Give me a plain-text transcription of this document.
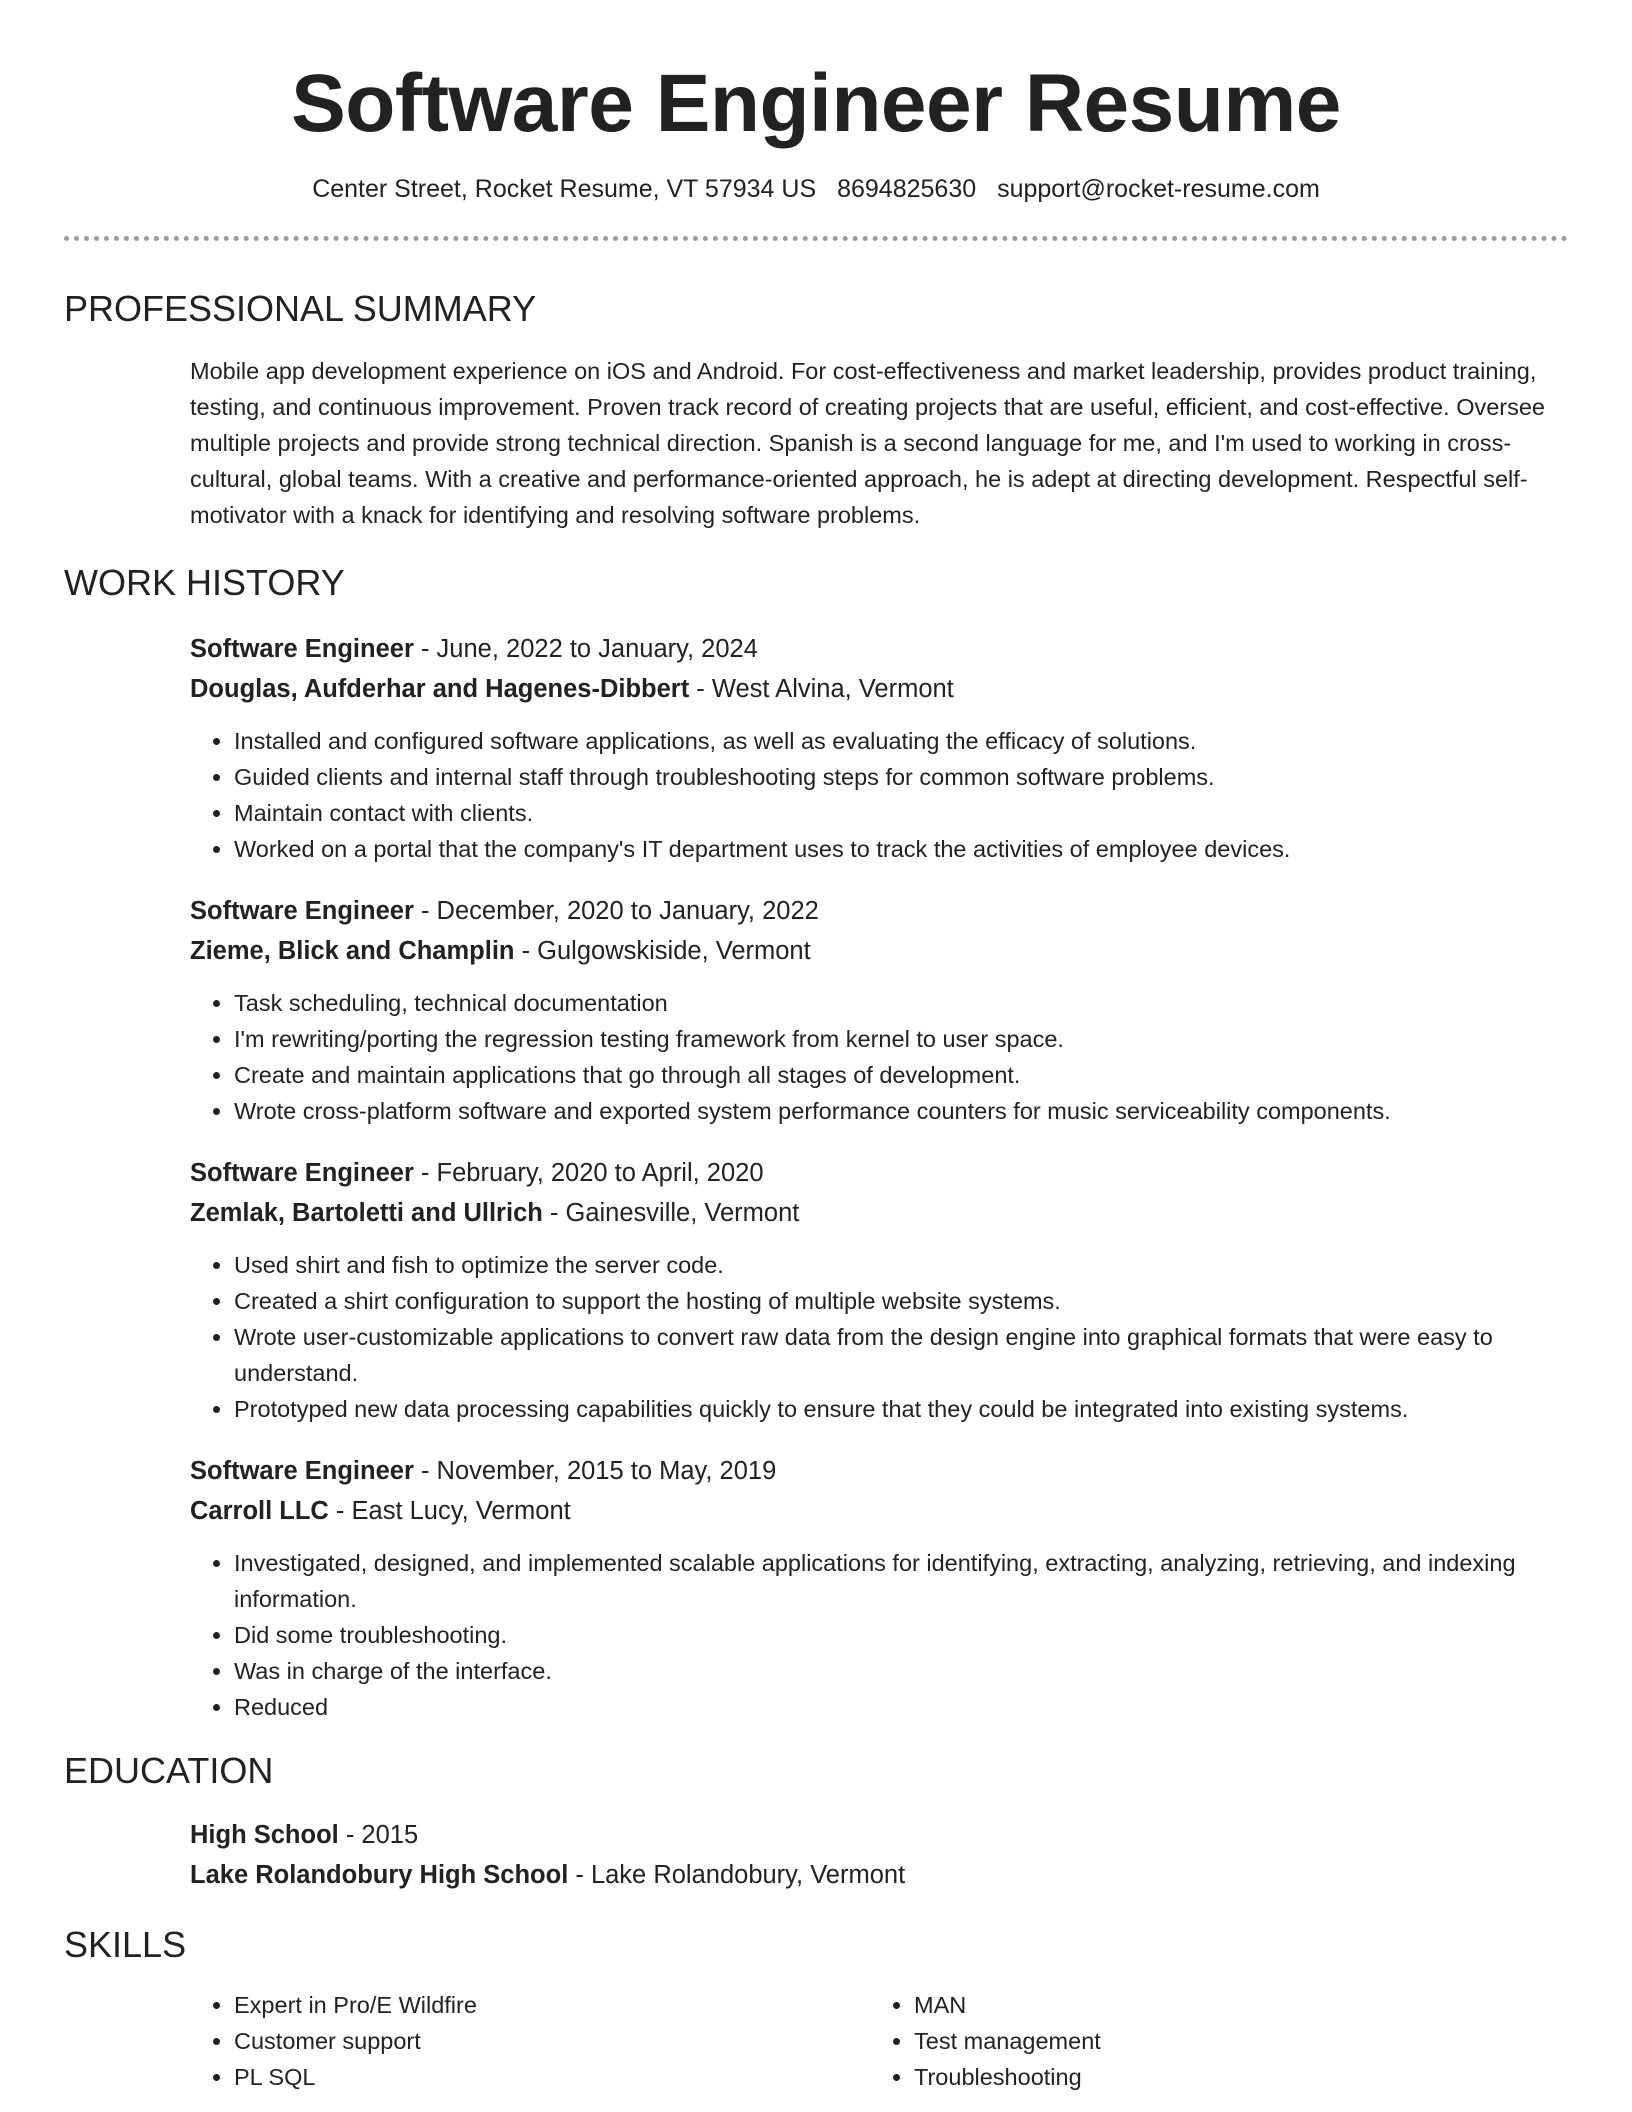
Software Engineer Resume
Center Street, Rocket Resume, VT 57934 US 8694825630 support@rocket-resume.com
PROFESSIONAL SUMMARY
Mobile app development experience on iOS and Android. For cost-effectiveness and market leadership, provides product training, testing, and continuous improvement. Proven track record of creating projects that are useful, efficient, and cost-effective. Oversee multiple projects and provide strong technical direction. Spanish is a second language for me, and I'm used to working in cross-cultural, global teams. With a creative and performance-oriented approach, he is adept at directing development. Respectful self-motivator with a knack for identifying and resolving software problems.
WORK HISTORY
Software Engineer - June, 2022 to January, 2024
Douglas, Aufderhar and Hagenes-Dibbert - West Alvina, Vermont
• Installed and configured software applications, as well as evaluating the efficacy of solutions.
• Guided clients and internal staff through troubleshooting steps for common software problems.
• Maintain contact with clients.
• Worked on a portal that the company's IT department uses to track the activities of employee devices.
Software Engineer - December, 2020 to January, 2022
Zieme, Blick and Champlin - Gulgowskiside, Vermont
• Task scheduling, technical documentation
• I'm rewriting/porting the regression testing framework from kernel to user space.
• Create and maintain applications that go through all stages of development.
• Wrote cross-platform software and exported system performance counters for music serviceability components.
Software Engineer - February, 2020 to April, 2020
Zemlak, Bartoletti and Ullrich - Gainesville, Vermont
• Used shirt and fish to optimize the server code.
• Created a shirt configuration to support the hosting of multiple website systems.
• Wrote user-customizable applications to convert raw data from the design engine into graphical formats that were easy to understand.
• Prototyped new data processing capabilities quickly to ensure that they could be integrated into existing systems.
Software Engineer - November, 2015 to May, 2019
Carroll LLC - East Lucy, Vermont
• Investigated, designed, and implemented scalable applications for identifying, extracting, analyzing, retrieving, and indexing information.
• Did some troubleshooting.
• Was in charge of the interface.
• Reduced
EDUCATION
High School - 2015
Lake Rolandobury High School - Lake Rolandobury, Vermont
SKILLS
• Expert in Pro/E Wildfire
• Customer support
• PL SQL
• MAN
• Test management
• Troubleshooting
